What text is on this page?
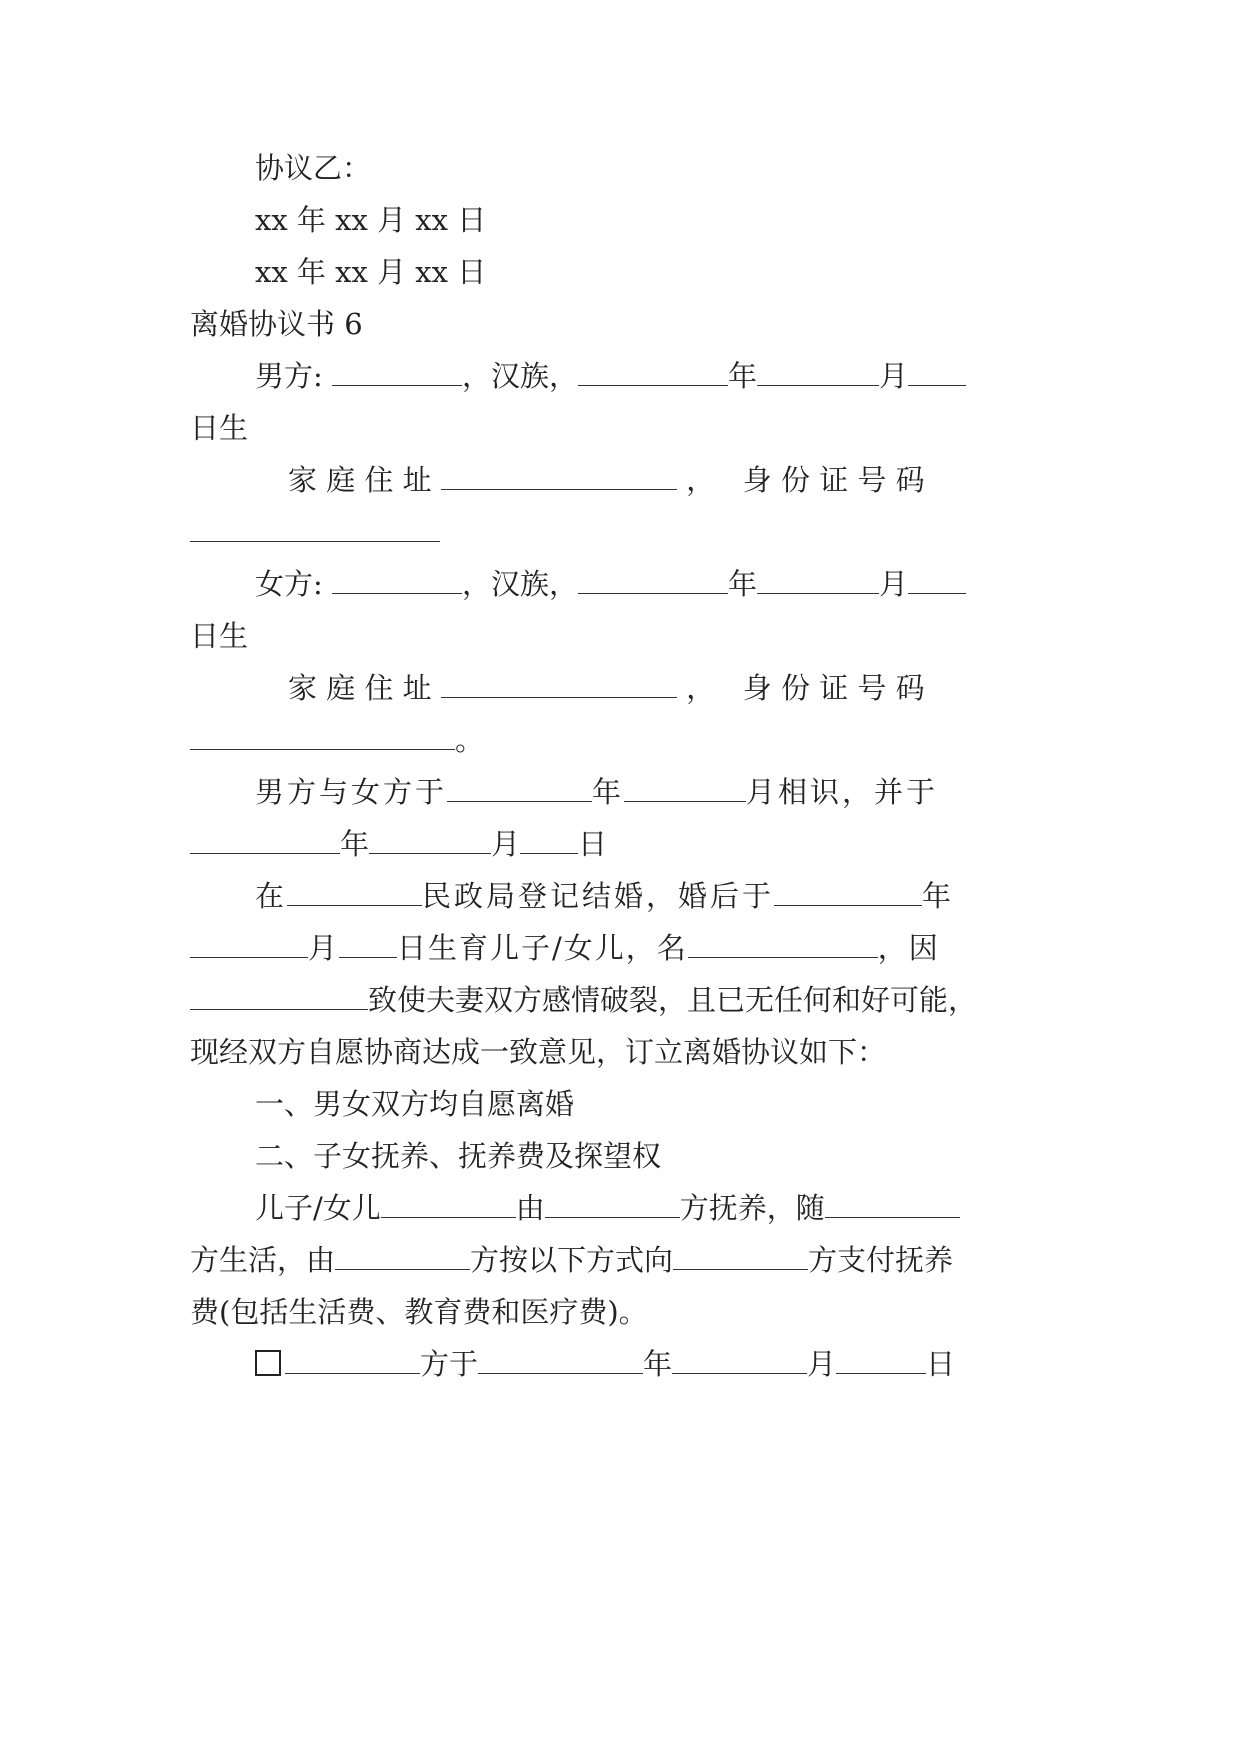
协议乙：
xx 年 xx 月 xx 日
xx 年 xx 月 xx 日
离婚协议书 6
男方:	，汉族，	年	月
日生
家 庭 住 址	， 身 份 证 号 码
女方:	，汉族，	年	月
日生
家 庭 住 址	， 身 份 证 号 码
。
男方与女方于	年	月相识，并于
年	月 日
在	民政局登记结婚，婚后于	年
月 日生育儿子/女儿，名	，因
致使夫妻双方感情破裂，且已无任何和好可能，
现经双方自愿协商达成一致意见，订立离婚协议如下：
一、男女双方均自愿离婚
二、子女抚养、抚养费及探望权
儿子/女儿	由	方抚养，随
方生活，由	方按以下方式向	方支付抚养
费(包括生活费、教育费和医疗费)。
方于	年	月	日
